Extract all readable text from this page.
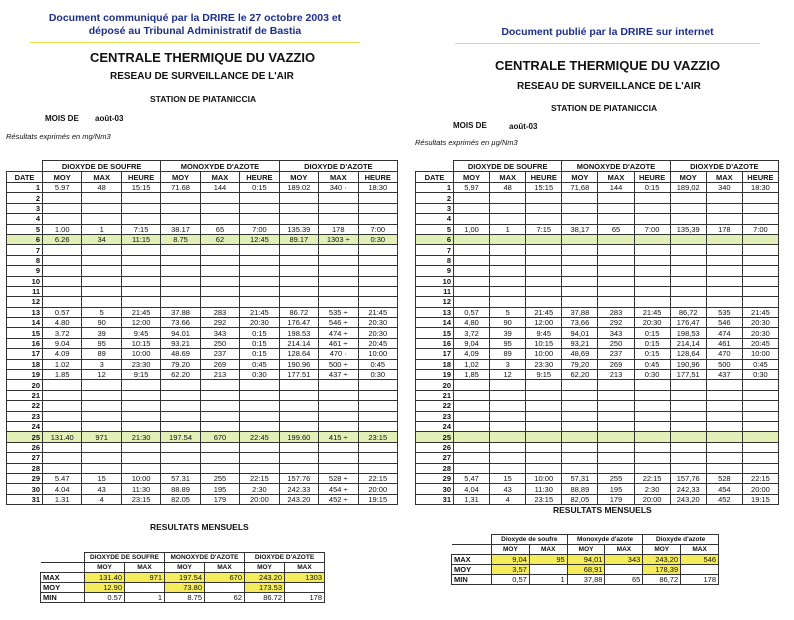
Document communiqué par la DRIRE le 27 octobre 2003 et
déposé au Tribunal Administratif de Bastia	Document publié par la DRIRE sur internet
CENTRALE THERMIQUE DU VAZZIO
RESEAU DE SURVEILLANCE DE L'AIR
STATION DE PIATANICCIA
MOIS DE août-03
Résultats exprimés en mg/Nm3
	DIOXYDE DE SOUFRE			MONOXYDE D'AZOTE			DIOXYDE D'AZOTE		
DATE	MOY	MAX	HEURE	MOY	MAX	HEURE	MOY	MAX	HEURE
1	5.97	48	15:15	71.68	144	0:15	189.02	340 ·	18:30
2									
3									
4									
5	1.00	1	7:15	38.17	65	7:00	135.39	178	7:00
6	6.26	34	11:15	8.75	62	12:45	89.17	1303 ÷	0:30
7									
8									
9									
10									
11									
12									
13	0.57	5	21:45	37.88	283	21:45	86.72	535 ÷	21:45
14	4.80	90	12:00	73.66	292	20:30	176.47	546 ÷	20:30
15	3.72	39	9:45	94.01	343	0:15	198.53	474 ÷	20:30
16	9.04	95	10:15	93.21	250	0:15	214.14	461 ÷	20:45
17	4.09	89	10:00	48.69	237	0:15	128.64	470 ·	10:00
18	1.02	3	23:30	79.20	269	0:45	190.96	500 ÷	0:45
19	1.85	12	9:15	62.20	213	0:30	177.51	437 ÷	0:30
20									
21									
22									
23									
24									
25	131.40	971	21:30	197.54	670	22:45	199.60	415 ÷	23:15
26									
27									
28									
29	5.47	15	10:00	57.31	255	22:15	157.76	528 ÷	22:15
30	4.04	43	11:30	88.89	195	2:30	242.33	454 ÷	20:00
31	1.31	4	23:15	82.05	179	20:00	243.20	452 ÷	19:15
RESULTATS MENSUELS
	DIOXYDE DE SOUFRE		MONOXYDE D'AZOTE		DIOXYDE D'AZOTE	
	MOY	MAX	MOY	MAX	MOY	MAX
MAX	131.40	971	197.54	670	243.20	1303
MOY	12.90		73.80		173.53	
MIN	0.57	1	8.75	62	86.72	178
CENTRALE THERMIQUE DU VAZZIO
RESEAU DE SURVEILLANCE DE L'AIR
STATION DE PIATANICCIA
MOIS DE	août-03
Résultats exprimés en µg/Nm3
	DIOXYDE DE SOUFRE			MONOXYDE D'AZOTE			DIOXYDE D'AZOTE		
DATE	MOY	MAX	HEURE	MOY	MAX	HEURE	MOY	MAX	HEURE
1	5,97	48	15:15	71,68	144	0:15	189,02	340	18:30
2									
3									
4									
5	1,00	1	7:15	38,17	65	7:00	135,39	178	7:00
6									
7									
8									
9									
10									
11									
12									
13	0,57	5	21:45	37,88	283	21:45	86,72	535	21:45
14	4,80	90	12:00	73,66	292	20:30	176,47	546	20:30
15	3,72	39	9:45	94,01	343	0:15	198,53	474	20:30
16	9,04	95	10:15	93,21	250	0:15	214,14	461	20:45
17	4,09	89	10:00	48,69	237	0:15	128,64	470	10:00
18	1,02	3	23:30	79,20	269	0:45	190,96	500	0:45
19	1,85	12	9:15	62,20	213	0:30	177,51	437	0:30
20									
21									
22									
23									
24									
25									
26									
27									
28									
29	5,47	15	10:00	57,31	255	22:15	157,76	528	22:15
30	4,04	43	11:30	88,89	195	2:30	242,33	454	20:00
31	1,31	4	23:15	82,05	179	20:00	243,20	452	19:15
RESULTATS MENSUELS
	Dioxyde de soufre		Monoxyde d'azote		Dioxyde d'azote	
	MOY	MAX	MOY	MAX	MOY	MAX
MAX	9,04	95	94,01	343	243,20	546
MOY	3,57		68,91		178,39	
MIN	0,57	1	37,88	65	86,72	178
